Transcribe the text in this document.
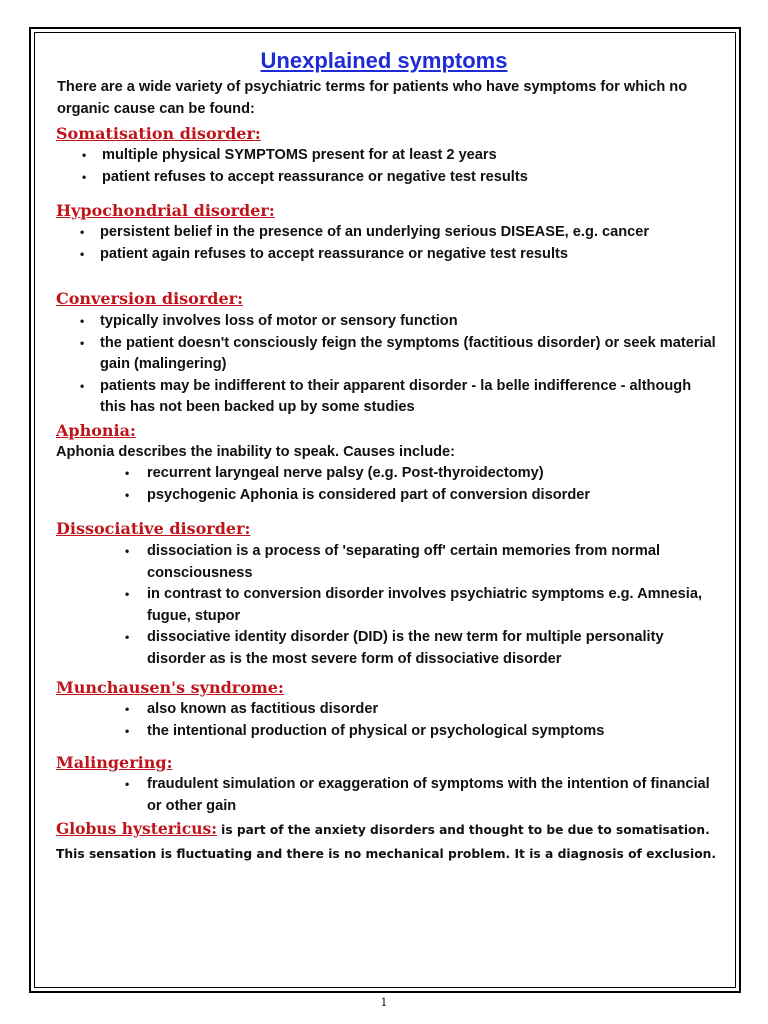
Unexplained symptoms

There are a wide variety of psychiatric terms for patients who have symptoms for which no organic cause can be found:

Somatisation disorder:
• multiple physical SYMPTOMS present for at least 2 years
• patient refuses to accept reassurance or negative test results
Hypochondrial disorder:
• persistent belief in the presence of an underlying serious DISEASE, e.g. cancer
• patient again refuses to accept reassurance or negative test results
Conversion disorder:
• typically involves loss of motor or sensory function
• the patient doesn't consciously feign the symptoms (factitious disorder) or seek material gain (malingering)
• patients may be indifferent to their apparent disorder - la belle indifference - although this has not been backed up by some studies
Aphonia:

Aphonia describes the inability to speak. Causes include:

• recurrent laryngeal nerve palsy (e.g. Post-thyroidectomy)
• psychogenic Aphonia is considered part of conversion disorder
Dissociative disorder:
• dissociation is a process of 'separating off' certain memories from normal consciousness
• in contrast to conversion disorder involves psychiatric symptoms e.g. Amnesia, fugue, stupor
• dissociative identity disorder (DID) is the new term for multiple personality disorder as is the most severe form of dissociative disorder
Munchausen's syndrome:
• also known as factitious disorder
• the intentional production of physical or psychological symptoms
Malingering:
• fraudulent simulation or exaggeration of symptoms with the intention of financial or other gain

Globus hystericus: is part of the anxiety disorders and thought to be due to somatisation.

This sensation is fluctuating and there is no mechanical problem. It is a diagnosis of exclusion.

1
